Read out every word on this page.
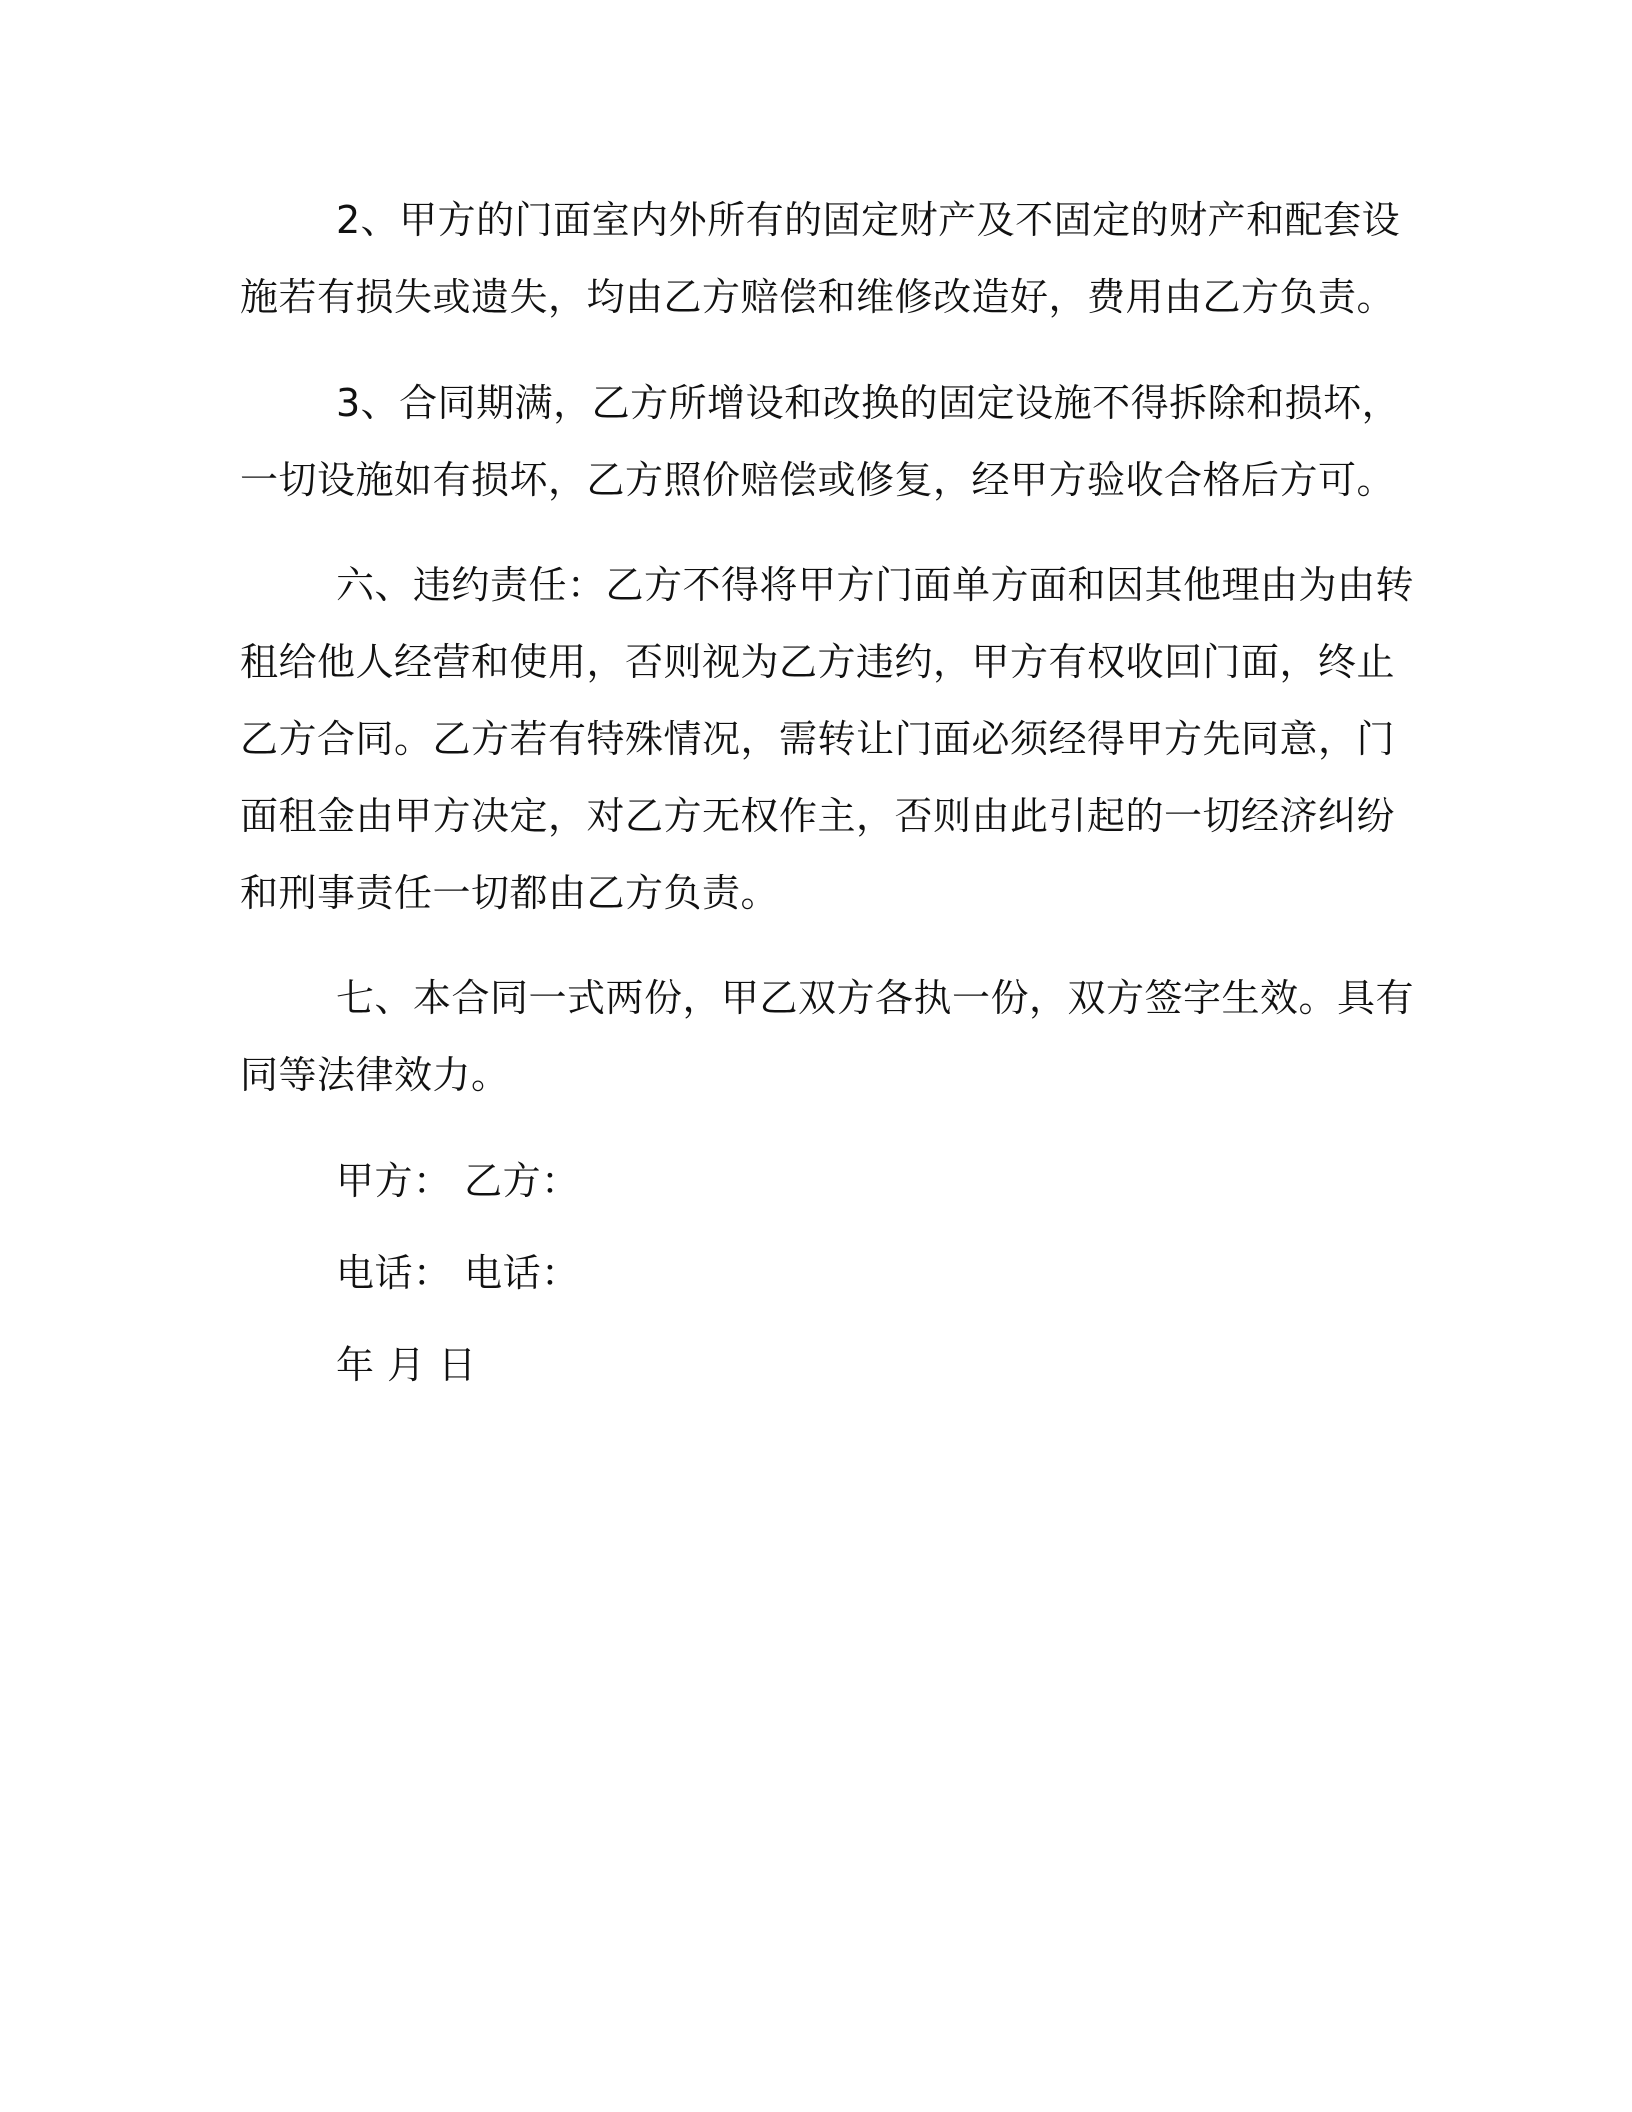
2、甲方的门面室内外所有的固定财产及不固定的财产和配套设
施若有损失或遗失，均由乙方赔偿和维修改造好，费用由乙方负责。
3、合同期满，乙方所增设和改换的固定设施不得拆除和损坏，
一切设施如有损坏，乙方照价赔偿或修复，经甲方验收合格后方可。
六、违约责任：乙方不得将甲方门面单方面和因其他理由为由转
租给他人经营和使用，否则视为乙方违约，甲方有权收回门面，终止
乙方合同。乙方若有特殊情况，需转让门面必须经得甲方先同意，门
面租金由甲方决定，对乙方无权作主，否则由此引起的一切经济纠纷
和刑事责任一切都由乙方负责。
七、本合同一式两份，甲乙双方各执一份，双方签字生效。具有
同等法律效力。
甲方： 乙方：
电话： 电话：
年 月 日
